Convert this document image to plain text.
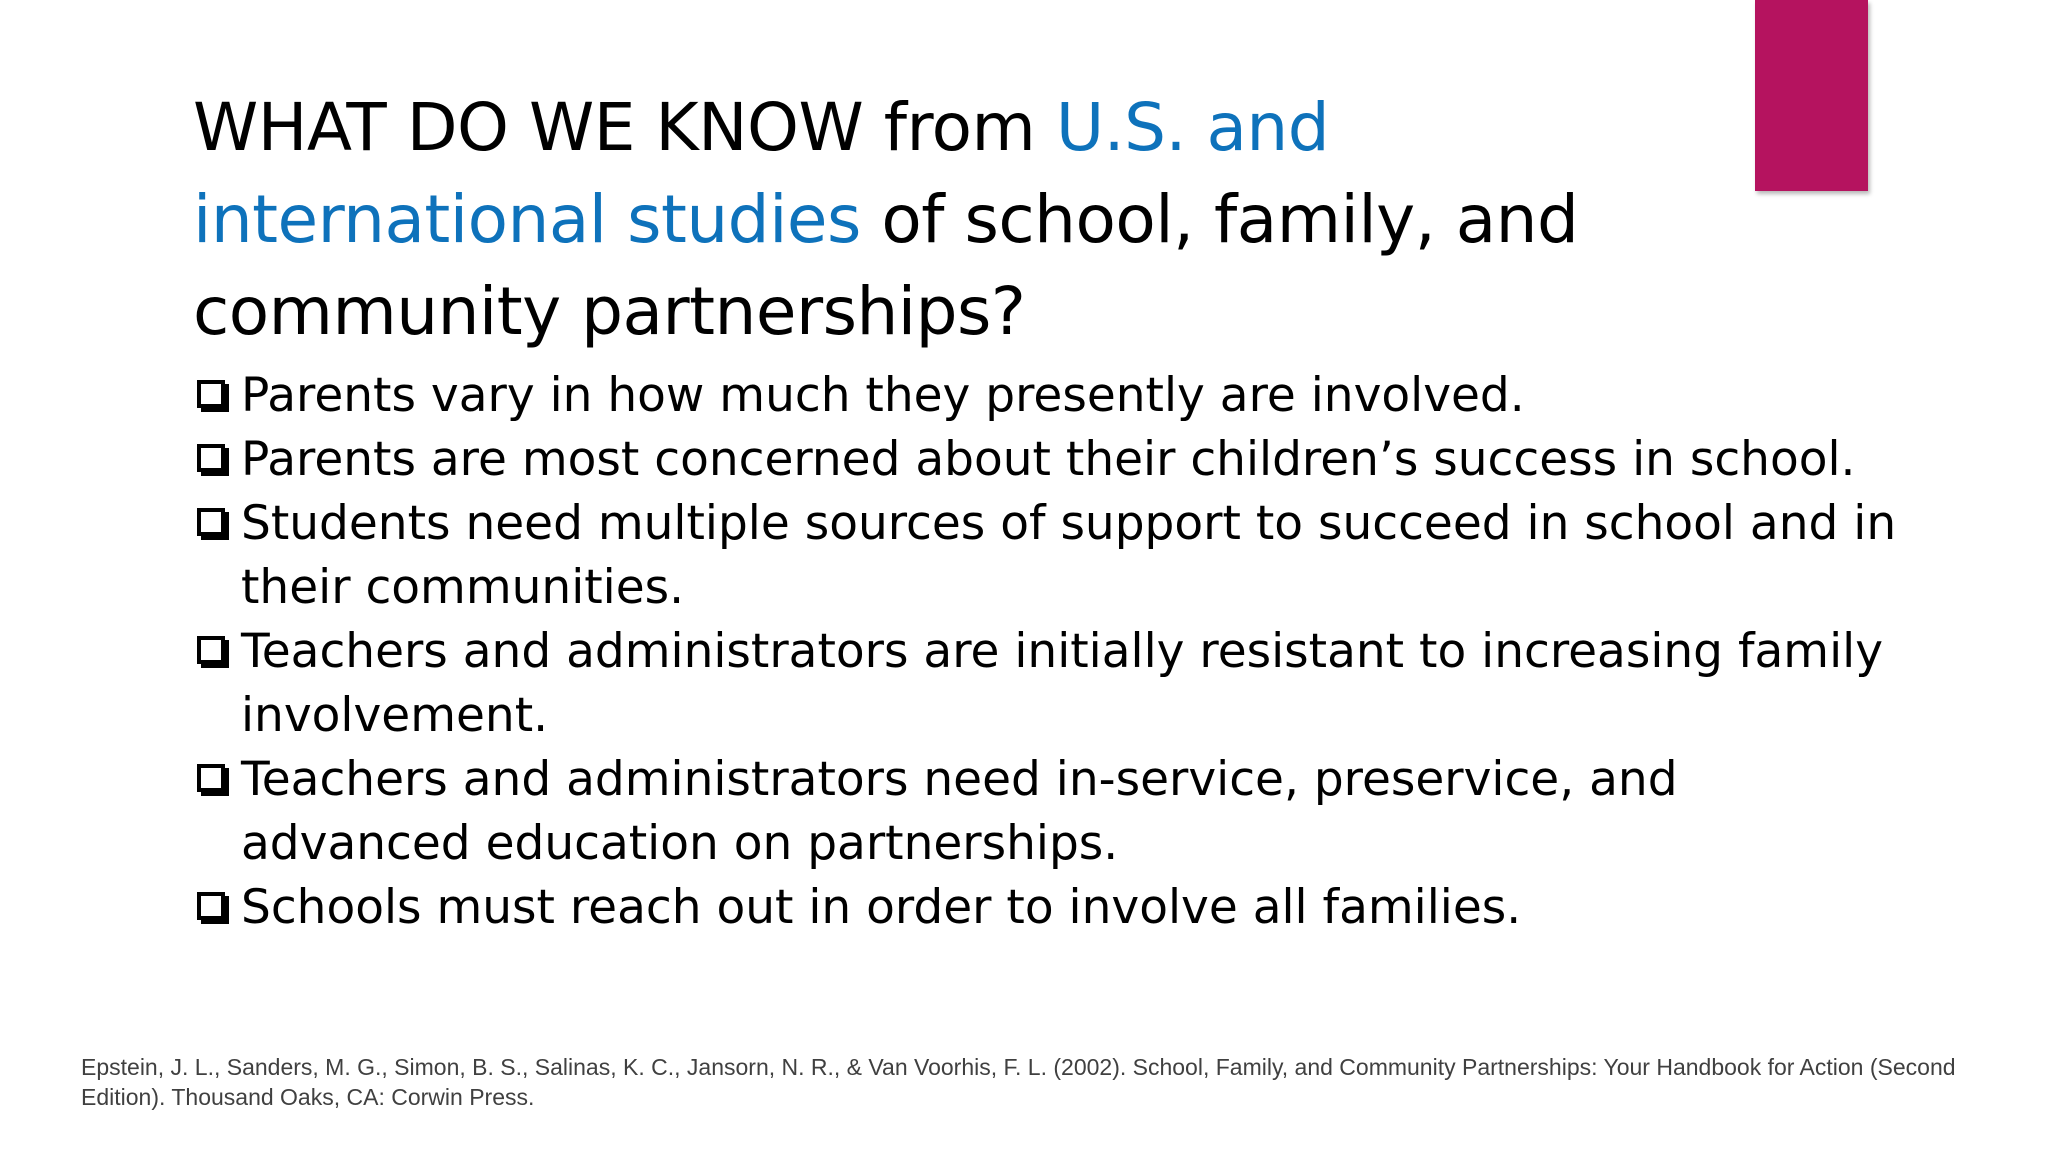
WHAT DO WE KNOW from U.S. and international studies of school, family, and community partnerships?
Parents vary in how much they presently are involved.
Parents are most concerned about their children’s success in school.
Students need multiple sources of support to succeed in school and in their communities.
Teachers and administrators are initially resistant to increasing family involvement.
Teachers and administrators need in-service, preservice, and advanced education on partnerships.
Schools must reach out in order to involve all families.

Epstein, J. L., Sanders, M. G., Simon, B. S., Salinas, K. C., Jansorn, N. R., & Van Voorhis, F. L. (2002). School, Family, and Community Partnerships: Your Handbook for Action (Second Edition). Thousand Oaks, CA: Corwin Press.
